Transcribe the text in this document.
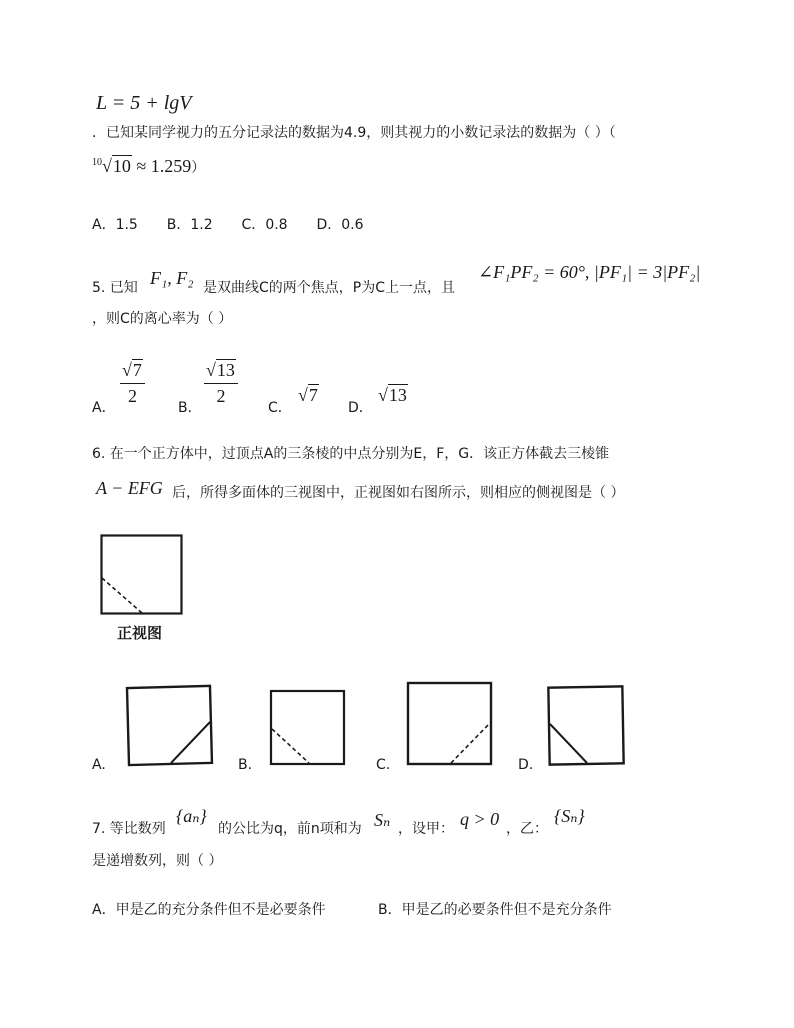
L = 5 + lgV
．已知某同学视力的五分记录法的数据为4.9，则其视力的小数记录法的数据为（ ）（
$^{10}$√10 ≈ 1.259）
A．1.5 B．1.2 C．0.8 D．0.6
5. 已知 F₁, F₂ 是双曲线C的两个焦点，P为C上一点，且
∠F₁PF₂ = 60°, |PF₁| = 3|PF₂|
，则C的离心率为（ ）
A．
$\frac{√7}{2}$
B．
$\frac{√13}{2}$
C．
√7
D．
√13
6. 在一个正方体中，过顶点A的三条棱的中点分别为E，F，G．该正方体截去三棱锥
A − EFG 后，所得多面体的三视图中，正视图如右图所示，则相应的侧视图是（ ）
正视图
A.	B.	C.	D.
7. 等比数列
{aₙ}
的公比为q，前n项和为 Sₙ ，设甲： q > 0 ，乙：
{Sₙ}
是递增数列，则（ ）
A．甲是乙的充分条件但不是必要条件	B．甲是乙的必要条件但不是充分条件
